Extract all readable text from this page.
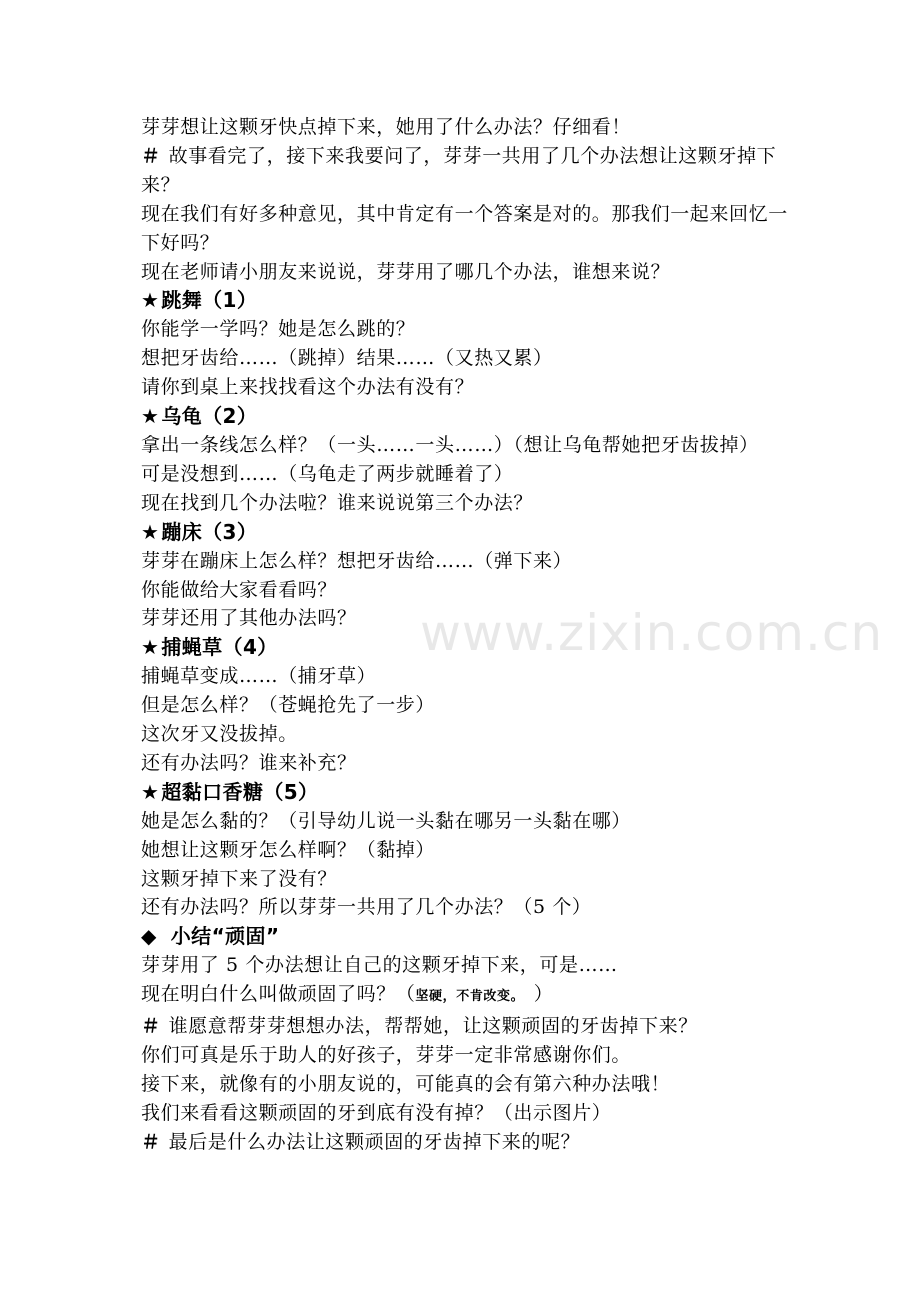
芽芽想让这颗牙快点掉下来，她用了什么办法？仔细看！
＃ 故事看完了，接下来我要问了，芽芽一共用了几个办法想让这颗牙掉下来？
现在我们有好多种意见，其中肯定有一个答案是对的。那我们一起来回忆一下好吗？
现在老师请小朋友来说说，芽芽用了哪几个办法，谁想来说？
★ 跳舞（1）
你能学一学吗？她是怎么跳的？
想把牙齿给……（跳掉）结果……（又热又累）
请你到桌上来找找看这个办法有没有？
★ 乌龟（2）
拿出一条线怎么样？（一头……一头……）（想让乌龟帮她把牙齿拔掉）
可是没想到……（乌龟走了两步就睡着了）
现在找到几个办法啦？谁来说说第三个办法？
★ 蹦床（3）
芽芽在蹦床上怎么样？想把牙齿给……（弹下来）
你能做给大家看看吗？
芽芽还用了其他办法吗？
★ 捕蝇草（4）
捕蝇草变成……（捕牙草）
但是怎么样？（苍蝇抢先了一步）
这次牙又没拔掉。
还有办法吗？谁来补充？
★ 超黏口香糖（5）
她是怎么黏的？（引导幼儿说一头黏在哪另一头黏在哪）
她想让这颗牙怎么样啊？（黏掉）
这颗牙掉下来了没有？
还有办法吗？所以芽芽一共用了几个办法？（5 个）
◆ 小结“顽固”
芽芽用了 5 个办法想让自己的这颗牙掉下来，可是……
现在明白什么叫做顽固了吗？（坚硬，不肯改变。 ）
＃ 谁愿意帮芽芽想想办法，帮帮她，让这颗顽固的牙齿掉下来？
你们可真是乐于助人的好孩子，芽芽一定非常感谢你们。
接下来，就像有的小朋友说的，可能真的会有第六种办法哦！
我们来看看这颗顽固的牙到底有没有掉？（出示图片）
＃ 最后是什么办法让这颗顽固的牙齿掉下来的呢？
www.zixin.com.cn
